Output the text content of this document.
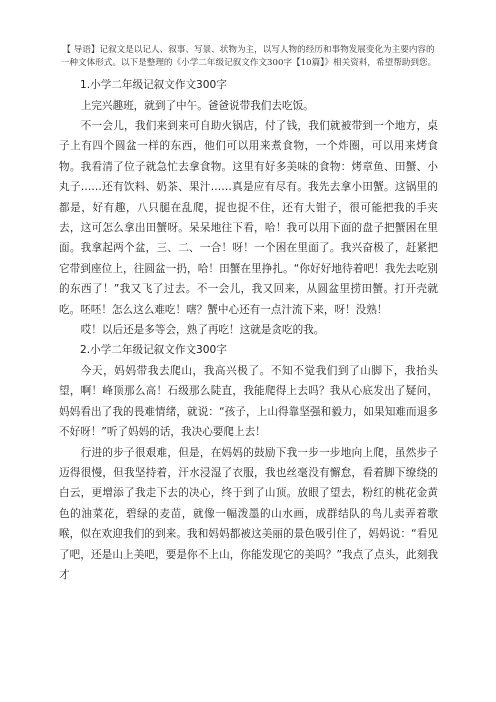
【 导语】记叙文是以记人、叙事、写景、状物为主，以写人物的经历和事物发展变化为主要内容的一种文体形式。以下是整理的《小学二年级记叙文作文300字【10篇】》相关资料，希望帮助到您。

1.小学二年级记叙文作文300字

上完兴趣班，就到了中午。爸爸说带我们去吃饭。

不一会儿，我们来到来可自助火锅店，付了钱，我们就被带到一个地方，桌子上有四个圆盆一样的东西，他们可以用来煮食物，一个炸圈，可以用来烤食物。我看清了位子就急忙去拿食物。这里有好多美味的食物：烤章鱼、田蟹、小丸子……还有饮料、奶茶、果汁……真是应有尽有。我先去拿小田蟹。这锅里的都是，好有趣，八只腿在乱爬，捉也捉不住，还有大钳子，很可能把我的手夹去，这可怎么拿出田蟹呀。呆呆地往下看，哈！我可以用下面的盘子把蟹困在里面。我拿起两个盆，三、二、一合！呀！一个困在里面了。我兴奋极了，赶紧把它带到座位上，往圆盆一扔，哈！田蟹在里挣扎。“你好好地待着吧！我先去吃别的东西了！”我又飞了过去。不一会儿，我又回来，从圆盆里捞田蟹。打开壳就吃。呸呸！怎么这么难吃！嗐？蟹中心还有一点汁流下来，呀！没熟！

哎！以后还是多等会，熟了再吃！这就是贪吃的我。

2.小学二年级记叙文作文300字

今天，妈妈带我去爬山，我高兴极了。不知不觉我们到了山脚下，我抬头望，啊！峰顶那么高！石级那么陡直，我能爬得上去吗？我从心底发出了疑问，妈妈看出了我的畏难情绪，就说：“孩子，上山得靠坚强和毅力，如果知难而退多不好呀！”听了妈妈的话，我决心要爬上去！

行进的步子很艰难，但是，在妈妈的鼓励下我一步一步地向上爬，虽然步子迈得很慢，但我坚持着，汗水浸湿了衣服，我也丝毫没有懈怠，看着脚下缭绕的白云，更增添了我走下去的决心，终于到了山顶。放眼了望去，粉红的桃花金黄色的油菜花，碧绿的麦苗，就像一幅泼墨的山水画，成群结队的鸟儿卖弄着歌喉，似在欢迎我们的到来。我和妈妈都被这美丽的景色吸引住了，妈妈说：“看见了吧，还是山上美吧，要是你不上山，你能发现它的美吗？”我点了点头，此刻我才
